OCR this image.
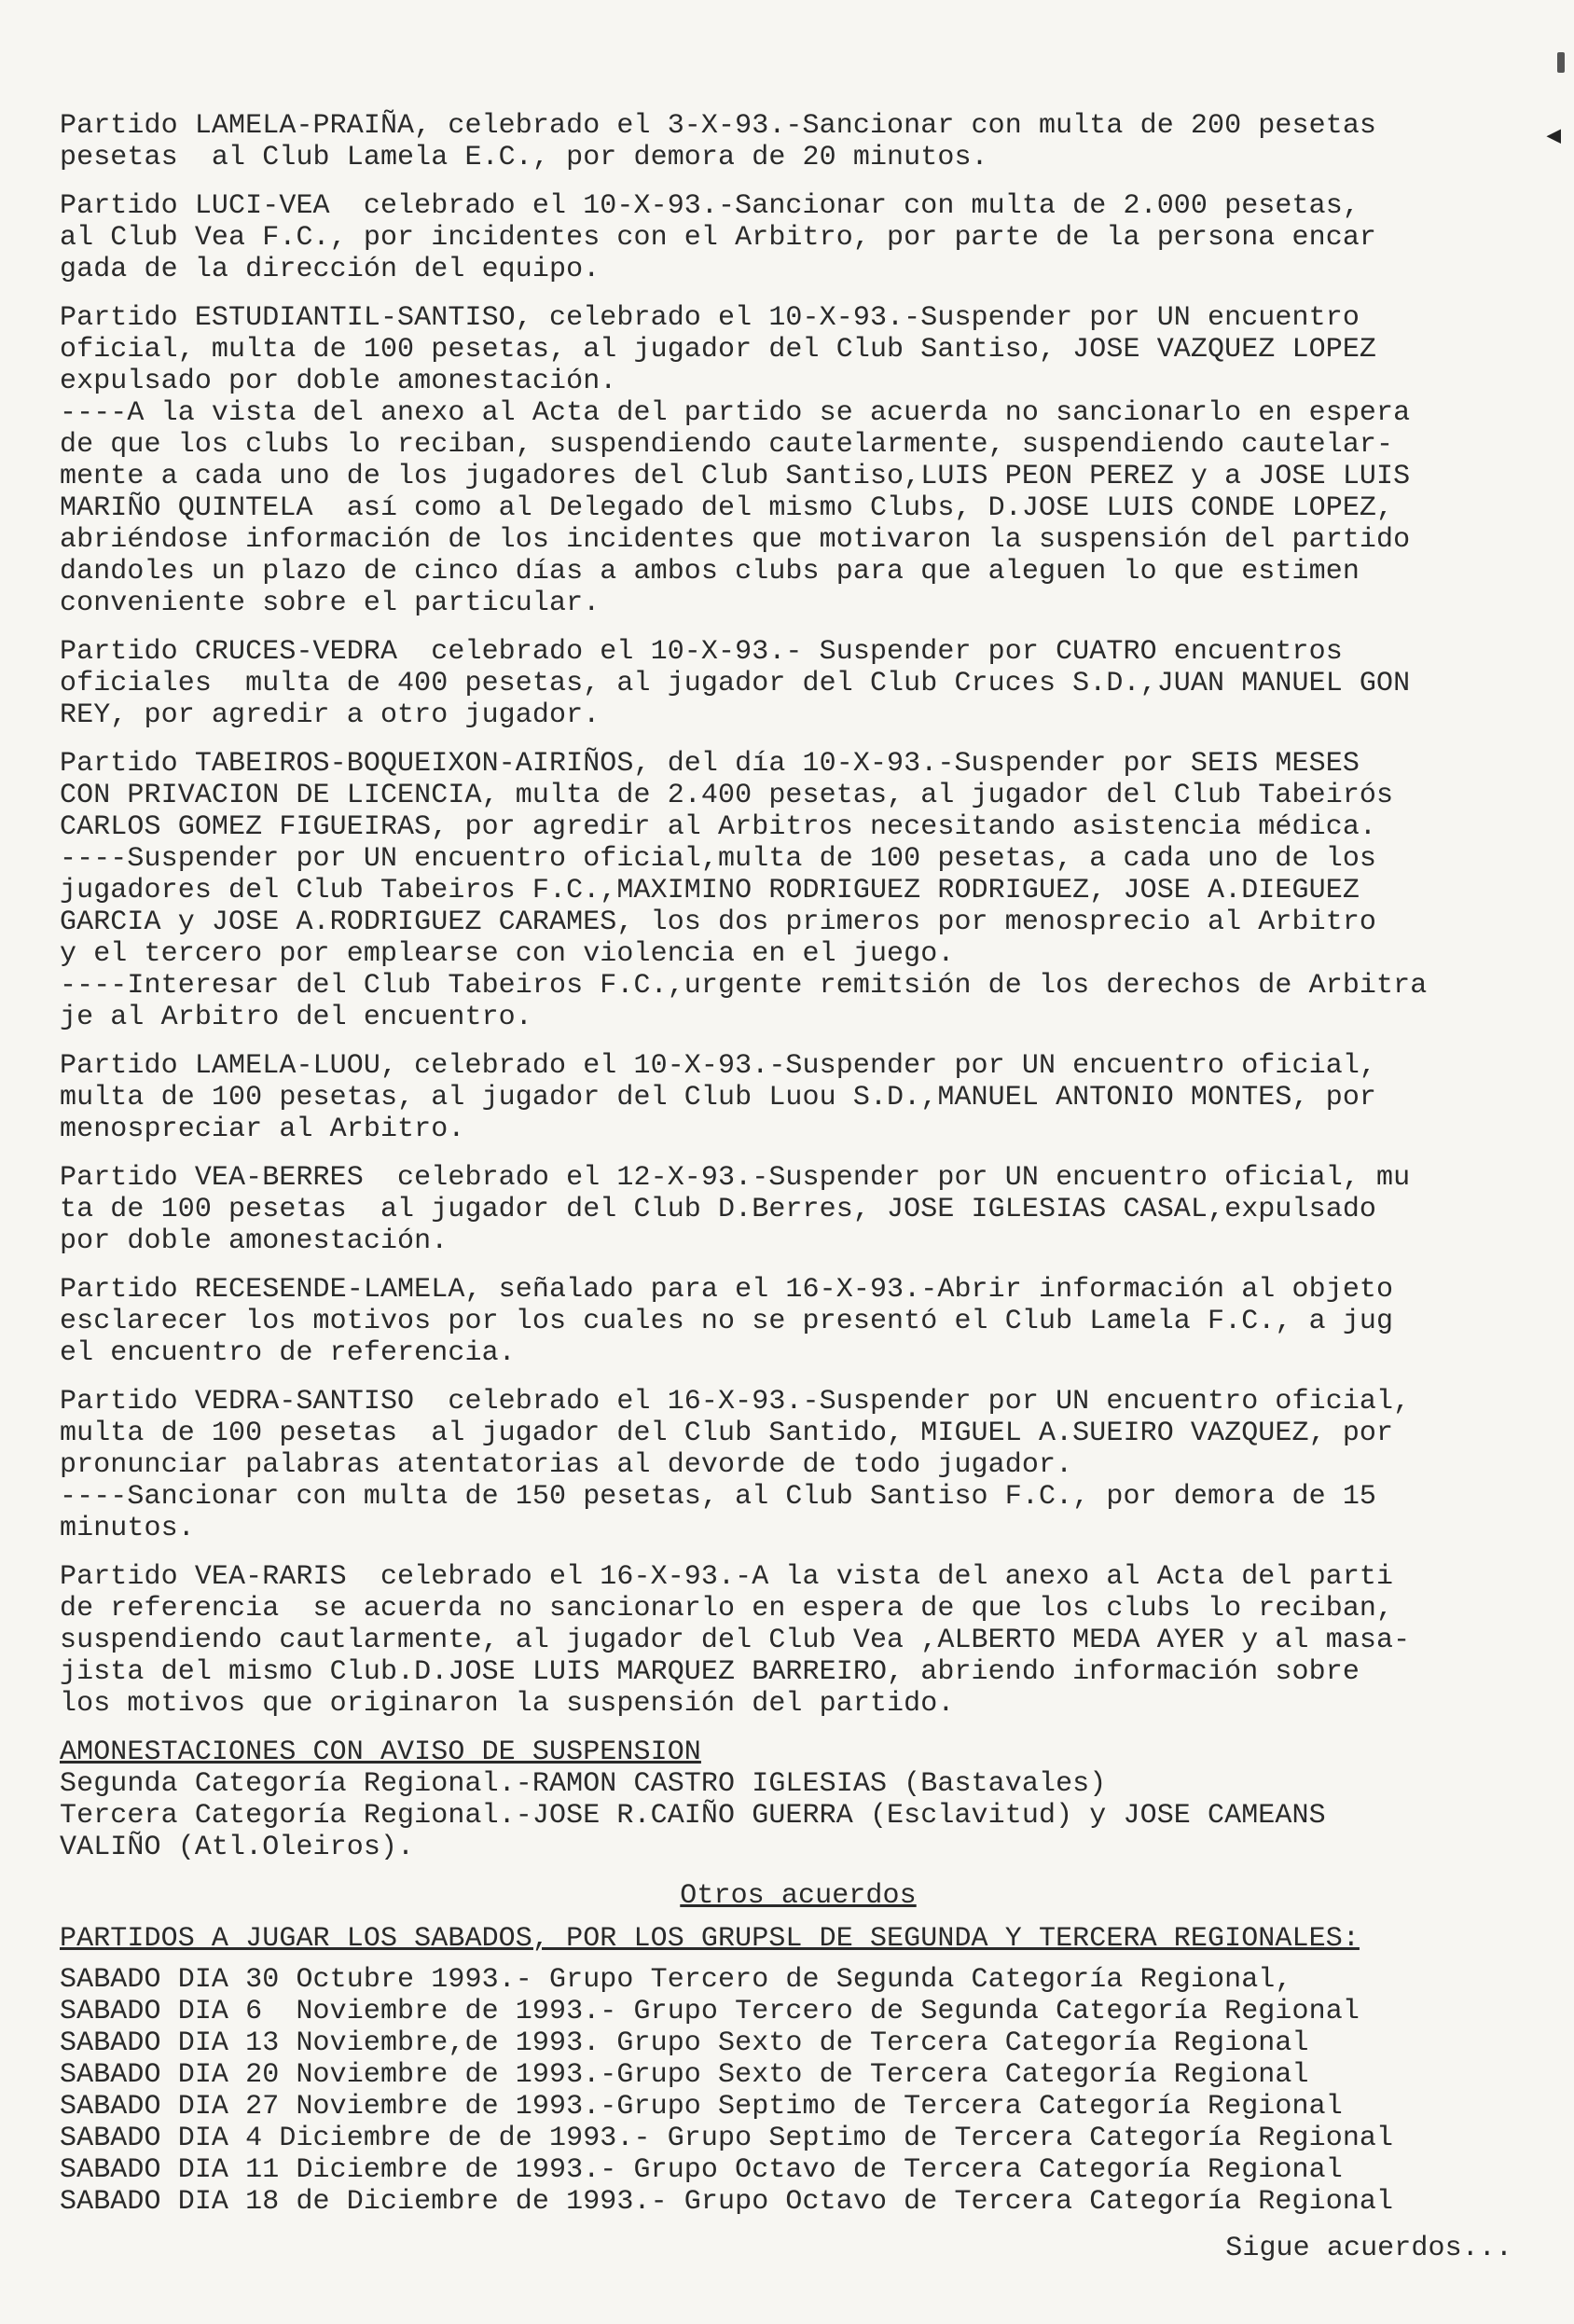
◀
Partido LAMELA-PRAIÑA, celebrado el 3-X-93.-Sancionar con multa de 200 pesetas
pesetas  al Club Lamela E.C., por demora de 20 minutos.
Partido LUCI-VEA  celebrado el 10-X-93.-Sancionar con multa de 2.000 pesetas,
al Club Vea F.C., por incidentes con el Arbitro, por parte de la persona encar
gada de la dirección del equipo.
Partido ESTUDIANTIL-SANTISO, celebrado el 10-X-93.-Suspender por UN encuentro
oficial, multa de 100 pesetas, al jugador del Club Santiso, JOSE VAZQUEZ LOPEZ
expulsado por doble amonestación.
----A la vista del anexo al Acta del partido se acuerda no sancionarlo en espera
de que los clubs lo reciban, suspendiendo cautelarmente, suspendiendo cautelar-
mente a cada uno de los jugadores del Club Santiso,LUIS PEON PEREZ y a JOSE LUIS
MARIÑO QUINTELA  así como al Delegado del mismo Clubs, D.JOSE LUIS CONDE LOPEZ,
abriéndose información de los incidentes que motivaron la suspensión del partido
dandoles un plazo de cinco días a ambos clubs para que aleguen lo que estimen
conveniente sobre el particular.
Partido CRUCES-VEDRA  celebrado el 10-X-93.- Suspender por CUATRO encuentros
oficiales  multa de 400 pesetas, al jugador del Club Cruces S.D.,JUAN MANUEL GON
REY, por agredir a otro jugador.
Partido TABEIROS-BOQUEIXON-AIRIÑOS, del día 10-X-93.-Suspender por SEIS MESES
CON PRIVACION DE LICENCIA, multa de 2.400 pesetas, al jugador del Club Tabeirós
CARLOS GOMEZ FIGUEIRAS, por agredir al Arbitros necesitando asistencia médica.
----Suspender por UN encuentro oficial,multa de 100 pesetas, a cada uno de los
jugadores del Club Tabeiros F.C.,MAXIMINO RODRIGUEZ RODRIGUEZ, JOSE A.DIEGUEZ
GARCIA y JOSE A.RODRIGUEZ CARAMES, los dos primeros por menosprecio al Arbitro
y el tercero por emplearse con violencia en el juego.
----Interesar del Club Tabeiros F.C.,urgente remitsión de los derechos de Arbitra
je al Arbitro del encuentro.
Partido LAMELA-LUOU, celebrado el 10-X-93.-Suspender por UN encuentro oficial,
multa de 100 pesetas, al jugador del Club Luou S.D.,MANUEL ANTONIO MONTES, por
menospreciar al Arbitro.
Partido VEA-BERRES  celebrado el 12-X-93.-Suspender por UN encuentro oficial, mu
ta de 100 pesetas  al jugador del Club D.Berres, JOSE IGLESIAS CASAL,expulsado
por doble amonestación.
Partido RECESENDE-LAMELA, señalado para el 16-X-93.-Abrir información al objeto
esclarecer los motivos por los cuales no se presentó el Club Lamela F.C., a jug
el encuentro de referencia.
Partido VEDRA-SANTISO  celebrado el 16-X-93.-Suspender por UN encuentro oficial,
multa de 100 pesetas  al jugador del Club Santido, MIGUEL A.SUEIRO VAZQUEZ, por
pronunciar palabras atentatorias al devorde de todo jugador.
----Sancionar con multa de 150 pesetas, al Club Santiso F.C., por demora de 15
minutos.
Partido VEA-RARIS  celebrado el 16-X-93.-A la vista del anexo al Acta del parti
de referencia  se acuerda no sancionarlo en espera de que los clubs lo reciban,
suspendiendo cautlarmente, al jugador del Club Vea ,ALBERTO MEDA AYER y al masa-
jista del mismo Club.D.JOSE LUIS MARQUEZ BARREIRO, abriendo información sobre
los motivos que originaron la suspensión del partido.
AMONESTACIONES CON AVISO DE SUSPENSION
Segunda Categoría Regional.-RAMON CASTRO IGLESIAS (Bastavales)
Tercera Categoría Regional.-JOSE R.CAIÑO GUERRA (Esclavitud) y JOSE CAMEANS
VALIÑO (Atl.Oleiros).
Otros acuerdos
PARTIDOS A JUGAR LOS SABADOS, POR LOS GRUPSL DE SEGUNDA Y TERCERA REGIONALES:
SABADO DIA 30 Octubre 1993.- Grupo Tercero de Segunda Categoría Regional,
SABADO DIA 6  Noviembre de 1993.- Grupo Tercero de Segunda Categoría Regional
SABADO DIA 13 Noviembre,de 1993. Grupo Sexto de Tercera Categoría Regional
SABADO DIA 20 Noviembre de 1993.-Grupo Sexto de Tercera Categoría Regional
SABADO DIA 27 Noviembre de 1993.-Grupo Septimo de Tercera Categoría Regional
SABADO DIA 4 Diciembre de de 1993.- Grupo Septimo de Tercera Categoría Regional
SABADO DIA 11 Diciembre de 1993.- Grupo Octavo de Tercera Categoría Regional
SABADO DIA 18 de Diciembre de 1993.- Grupo Octavo de Tercera Categoría Regional
Sigue acuerdos...
